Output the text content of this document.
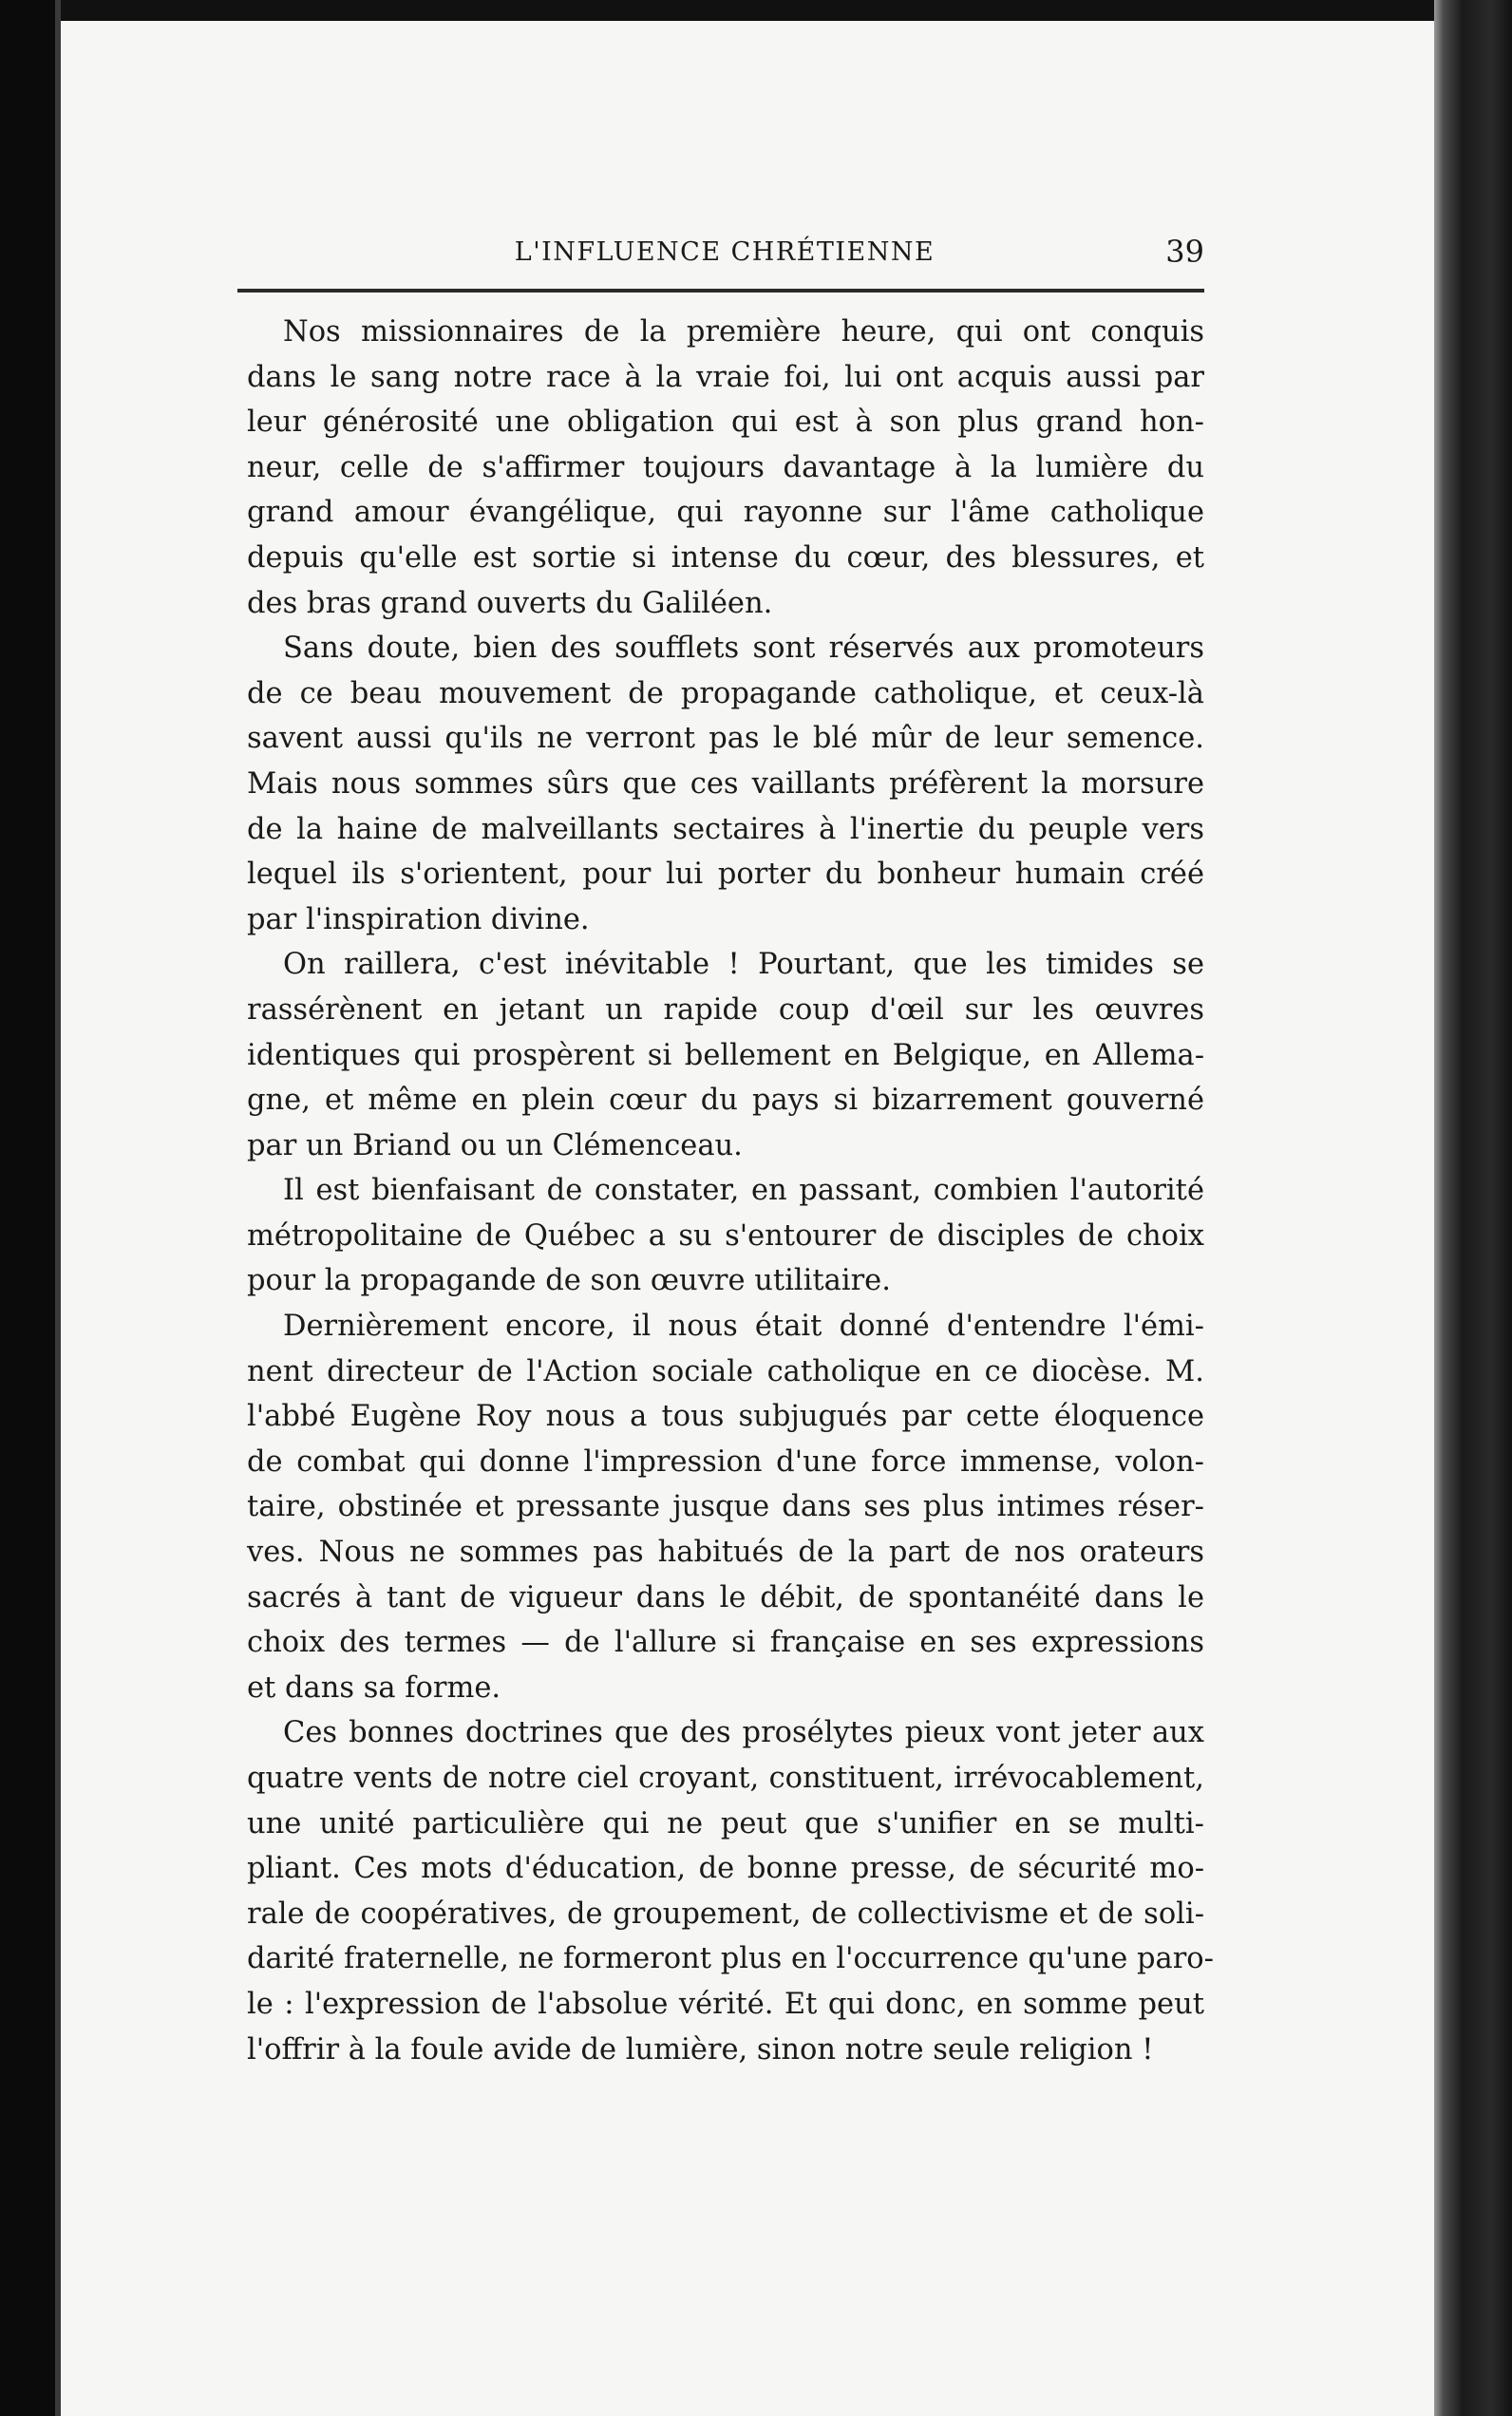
L'INFLUENCE CHRÉTIENNE	39
Nos missionnaires de la première heure, qui ont conquis
dans le sang notre race à la vraie foi, lui ont acquis aussi par
leur générosité une obligation qui est à son plus grand hon-
neur, celle de s'affirmer toujours davantage à la lumière du
grand amour évangélique, qui rayonne sur l'âme catholique
depuis qu'elle est sortie si intense du cœur, des blessures, et
des bras grand ouverts du Galiléen.
Sans doute, bien des soufflets sont réservés aux promoteurs
de ce beau mouvement de propagande catholique, et ceux-là
savent aussi qu'ils ne verront pas le blé mûr de leur semence.
Mais nous sommes sûrs que ces vaillants préfèrent la morsure
de la haine de malveillants sectaires à l'inertie du peuple vers
lequel ils s'orientent, pour lui porter du bonheur humain créé
par l'inspiration divine.
On raillera, c'est inévitable ! Pourtant, que les timides se
rassérènent en jetant un rapide coup d'œil sur les œuvres
identiques qui prospèrent si bellement en Belgique, en Allema-
gne, et même en plein cœur du pays si bizarrement gouverné
par un Briand ou un Clémenceau.
Il est bienfaisant de constater, en passant, combien l'autorité
métropolitaine de Québec a su s'entourer de disciples de choix
pour la propagande de son œuvre utilitaire.
Dernièrement encore, il nous était donné d'entendre l'émi-
nent directeur de l'Action sociale catholique en ce diocèse. M.
l'abbé Eugène Roy nous a tous subjugués par cette éloquence
de combat qui donne l'impression d'une force immense, volon-
taire, obstinée et pressante jusque dans ses plus intimes réser-
ves. Nous ne sommes pas habitués de la part de nos orateurs
sacrés à tant de vigueur dans le débit, de spontanéité dans le
choix des termes — de l'allure si française en ses expressions
et dans sa forme.
Ces bonnes doctrines que des prosélytes pieux vont jeter aux
quatre vents de notre ciel croyant, constituent, irrévocablement,
une unité particulière qui ne peut que s'unifier en se multi-
pliant. Ces mots d'éducation, de bonne presse, de sécurité mo-
rale de coopératives, de groupement, de collectivisme et de soli-
darité fraternelle, ne formeront plus en l'occurrence qu'une paro-
le : l'expression de l'absolue vérité. Et qui donc, en somme peut
l'offrir à la foule avide de lumière, sinon notre seule religion !
